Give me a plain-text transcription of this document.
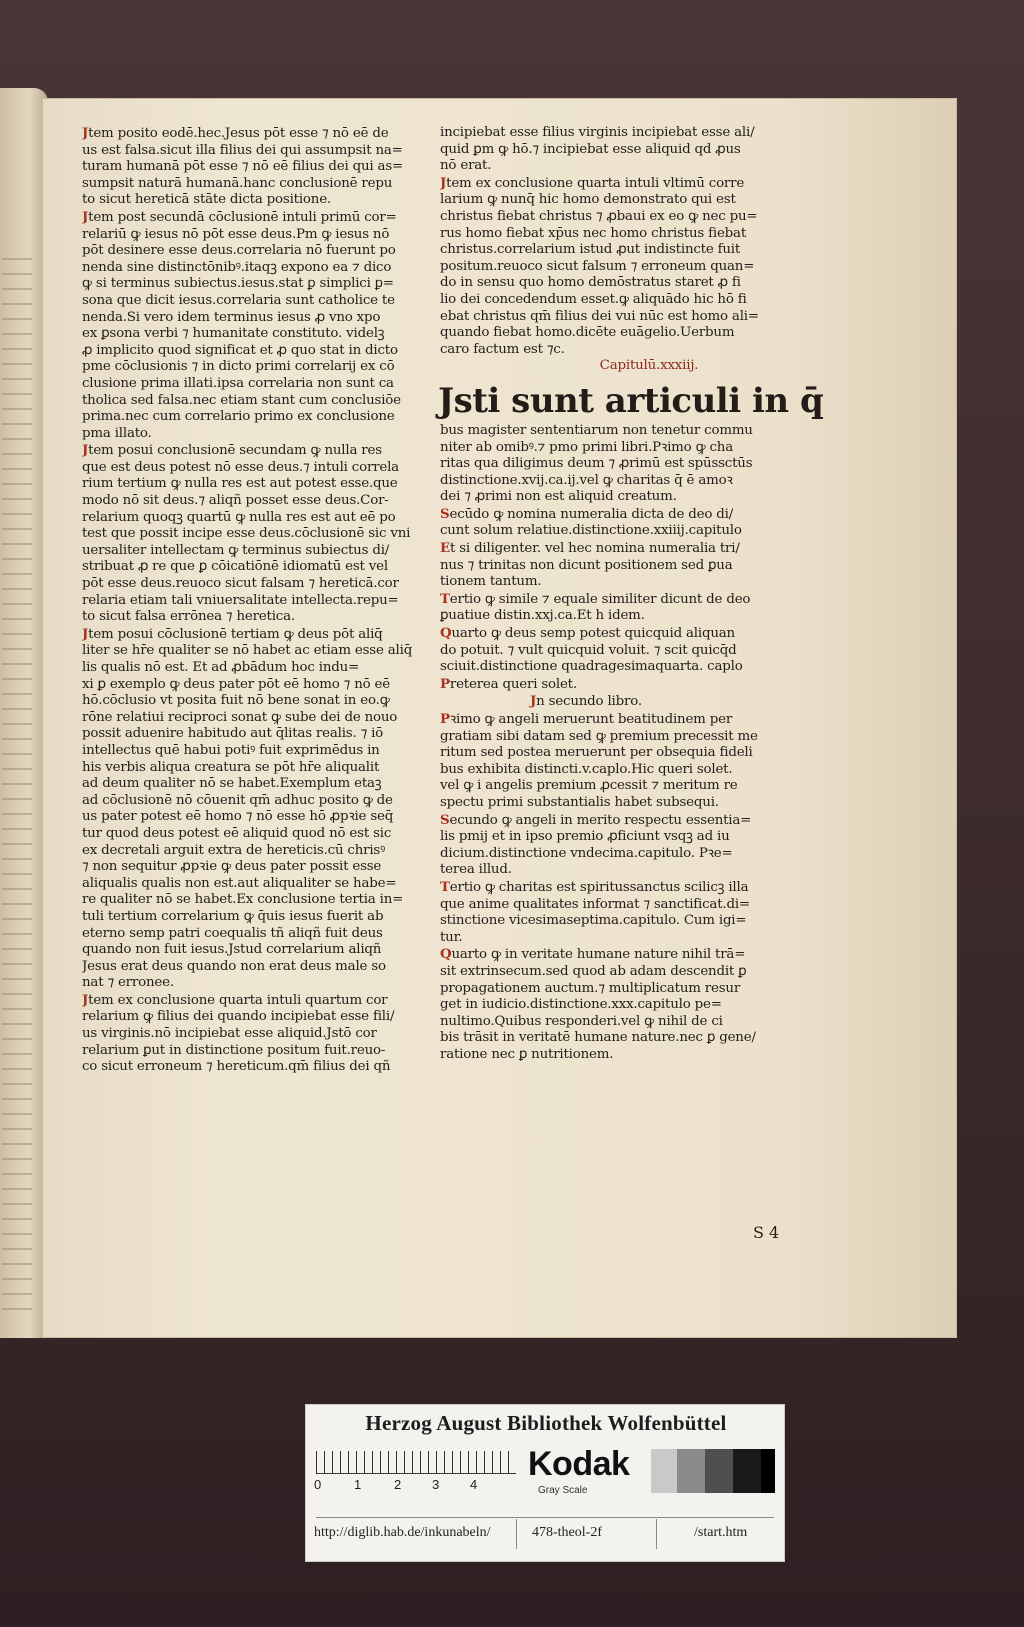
Jtem posito eodē.hec.Jesus pōt esse ⁊ nō eē de
us est falsa.sicut illa filius dei qui assumpsit na=
turam humanā pōt esse ⁊ nō eē filius dei qui as=
sumpsit naturā humanā.hanc conclusionē repu
to sicut hereticā stāte dicta positione.
Jtem post secundā cōclusionē intuli primū cor=
relariū ꝙ iesus nō pōt esse deus.Pm ꝙ iesus nō
pōt desinere esse deus.correlaria nō fuerunt po
nenda sine distinctōnibꝰ.itaqꝫ expono ea ⁊ dico
ꝙ si terminus subiectus.iesus.stat ꝑ simplici ꝑ=
sona que dicit iesus.correlaria sunt catholice te
nenda.Si vero idem terminus iesus ꝓ vno xpo
ex ꝑsona verbi ⁊ humanitate constituto. videlꝫ
ꝓ implicito quod significat et ꝓ quo stat in dicto
pme cōclusionis ⁊ in dicto primi correlarij ex cō
clusione prima illati.ipsa correlaria non sunt ca
tholica sed falsa.nec etiam stant cum conclusiōe
prima.nec cum correlario primo ex conclusione
pma illato.
Jtem posui conclusionē secundam ꝙ nulla res
que est deus potest nō esse deus.⁊ intuli correla
rium tertium ꝙ nulla res est aut potest esse.que
modo nō sit deus.⁊ aliqñ posset esse deus.Cor-
relarium quoqꝫ quartū ꝙ nulla res est aut eē po
test que possit incipe esse deus.cōclusionē sic vni
uersaliter intellectam ꝙ terminus subiectus di/
stribuat ꝓ re que ꝑ cōicatiōnē idiomatū est vel
pōt esse deus.reuoco sicut falsam ⁊ hereticā.cor
relaria etiam tali vniuersalitate intellecta.repu=
to sicut falsa errōnea ⁊ heretica.
Jtem posui cōclusionē tertiam ꝙ deus pōt aliq̄
liter se hr̄e qualiter se nō habet ac etiam esse aliq̄
lis qualis nō est. Et ad ꝓbādum hoc indu=
xi ꝑ exemplo ꝙ deus pater pōt eē homo ⁊ nō eē
hō.cōclusio vt posita fuit nō bene sonat in eo.ꝙ
rōne relatiui reciproci sonat ꝙ sube dei de nouo
possit aduenire habitudo aut q̄litas realis. ⁊ iō
intellectus quē habui potiꝰ fuit exprimēdus in
his verbis aliqua creatura se pōt hr̄e aliqualit̄
ad deum qualiter nō se habet.Exemplum etaꝫ
ad cōclusionē nō cōuenit qm̄ adhuc posito ꝙ de
us pater potest eē homo ⁊ nō esse hō ꝓpꝛie seq̄
tur quod deus potest eē aliquid quod nō est sic
ex decretali arguit extra de hereticis.cū chrisꝰ
⁊ non sequitur ꝓpꝛie ꝙ deus pater possit esse
aliqualis qualis non est.aut aliqualiter se habe=
re qualiter nō se habet.Ex conclusione tertia in=
tuli tertium correlarium ꝙ q̄uis iesus fuerit ab
eterno semp patri coequalis tñ aliqñ fuit deus
quando non fuit iesus.Jstud correlarium aliqñ
Jesus erat deus quando non erat deus male so
nat ⁊ erronee.
Jtem ex conclusione quarta intuli quartum cor
relarium ꝙ filius dei quando incipiebat esse fili/
us virginis.nō incipiebat esse aliquid.Jstō cor
relarium ꝑut in distinctione positum fuit.reuo-
co sicut erroneum ⁊ hereticum.qm̄ filius dei qñ
incipiebat esse filius virginis incipiebat esse ali/
quid ꝑm ꝙ hō.⁊ incipiebat esse aliquid qd̄ ꝓus
nō erat.
Jtem ex conclusione quarta intuli vltimū corre
larium ꝙ nunq̄ hic homo demonstrato qui est
christus fiebat christus ⁊ ꝓbaui ex eo ꝙ nec pu=
rus homo fiebat xp̄us nec homo christus fiebat
christus.correlarium istud ꝓut indistincte fuit
positum.reuoco sicut falsum ⁊ erroneum quan=
do in sensu quo homo demōstratus staret ꝓ fi
lio dei concedendum esset.ꝙ aliquādo hic hō fi
ebat christus qm̄ filius dei vui nūc est homo ali=
quando fiebat homo.dicēte euāgelio.Uerbum
caro factum est ⁊c.
Capitulū.xxxiij.
Jsti sunt articuli in q̄
bus magister sententiarum non tenetur commu
niter ab omibꝰ.⁊ pmo primi libri.Pꝛimo ꝙ cha
ritas qua diligimus deum ⁊ ꝓrimū est spūssctūs
distinctione.xvij.ca.ij.vel ꝙ charitas q̄ ē amoꝛ
dei ⁊ ꝓrimi non est aliquid creatum.
Secūdo ꝙ nomina numeralia dicta de deo di/
cunt solum relatiue.distinctione.xxiiij.capitulo
Et si diligenter. vel hec nomina numeralia tri/
nus ⁊ trinitas non dicunt positionem sed ꝑua
tionem tantum.
Tertio ꝙ simile ⁊ equale similiter dicunt de deo
ꝑuatiue distin.xxj.ca.Et h idem.
Quarto ꝙ deus semp potest quicquid aliquan
do potuit. ⁊ vult quicquid voluit. ⁊ scit quicq̄d
sciuit.distinctione quadragesimaquarta. caplo
Preterea queri solet.
Jn secundo libro.
Pꝛimo ꝙ angeli meruerunt beatitudinem per
gratiam sibi datam sed ꝙ premium precessit me
ritum sed postea meruerunt per obsequia fideli
bus exhibita distincti.v.caplo.Hic queri solet.
vel ꝙ i angelis premium ꝓcessit ⁊ meritum re
spectu primi substantialis habet subsequi.
Secundo ꝙ angeli in merito respectu essentia=
lis pmij et in ipso premio ꝓficiunt vsqꝫ ad iu
dicium.distinctione vndecima.capitulo. Pꝛe=
terea illud.
Tertio ꝙ charitas est spiritussanctus scilicꝫ illa
que anime qualitates informat ⁊ sanctificat.di=
stinctione vicesimaseptima.capitulo. Cum igi=
tur.
Quarto ꝙ in veritate humane nature nihil trā=
sit extrinsecum.sed quod ab adam descendit ꝑ
propagationem auctum.⁊ multiplicatum resur
get in iudicio.distinctione.xxx.capitulo pe=
nultimo.Quibus responderi.vel ꝙ nihil de ci
bis trāsit in veritatē humane nature.nec ꝑ gene/
ratione nec ꝑ nutritionem.
S 4
Herzog August Bibliothek Wolfenbüttel
0	1	2 3 4
Kodak
Gray Scale
http://diglib.hab.de/inkunabeln/	478-theol-2f	/start.htm
